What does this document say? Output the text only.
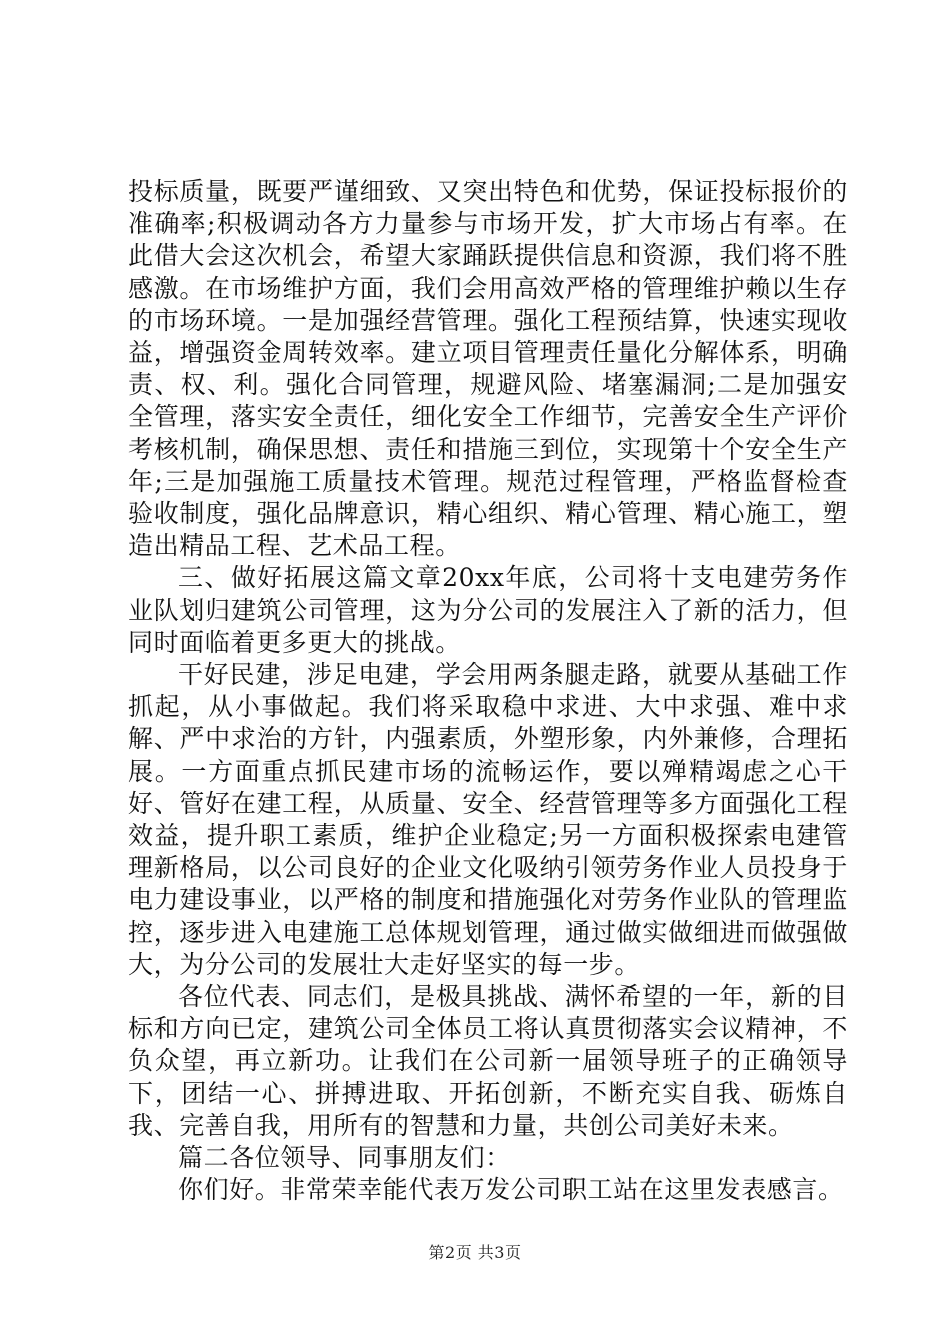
投标质量，既要严谨细致、又突出特色和优势，保证投标报价的准确率;积极调动各方力量参与市场开发，扩大市场占有率。在此借大会这次机会，希望大家踊跃提供信息和资源，我们将不胜感激。在市场维护方面，我们会用高效严格的管理维护赖以生存的市场环境。一是加强经营管理。强化工程预结算，快速实现收益，增强资金周转效率。建立项目管理责任量化分解体系，明确责、权、利。强化合同管理，规避风险、堵塞漏洞;二是加强安全管理，落实安全责任，细化安全工作细节，完善安全生产评价考核机制，确保思想、责任和措施三到位，实现第十个安全生产年;三是加强施工质量技术管理。规范过程管理，严格监督检查验收制度，强化品牌意识，精心组织、精心管理、精心施工，塑造出精品工程、艺术品工程。

三、做好拓展这篇文章20xx年底，公司将十支电建劳务作业队划归建筑公司管理，这为分公司的发展注入了新的活力，但同时面临着更多更大的挑战。

干好民建，涉足电建，学会用两条腿走路，就要从基础工作抓起，从小事做起。我们将采取稳中求进、大中求强、难中求解、严中求治的方针，内强素质，外塑形象，内外兼修，合理拓展。一方面重点抓民建市场的流畅运作，要以殚精竭虑之心干好、管好在建工程，从质量、安全、经营管理等多方面强化工程效益，提升职工素质，维护企业稳定;另一方面积极探索电建管理新格局，以公司良好的企业文化吸纳引领劳务作业人员投身于电力建设事业，以严格的制度和措施强化对劳务作业队的管理监控，逐步进入电建施工总体规划管理，通过做实做细进而做强做大，为分公司的发展壮大走好坚实的每一步。

各位代表、同志们，是极具挑战、满怀希望的一年，新的目标和方向已定，建筑公司全体员工将认真贯彻落实会议精神，不负众望，再立新功。让我们在公司新一届领导班子的正确领导下，团结一心、拼搏进取、开拓创新，不断充实自我、砺炼自我、完善自我，用所有的智慧和力量，共创公司美好未来。

篇二各位领导、同事朋友们：

你们好。非常荣幸能代表万发公司职工站在这里发表感言。

第2页 共3页
